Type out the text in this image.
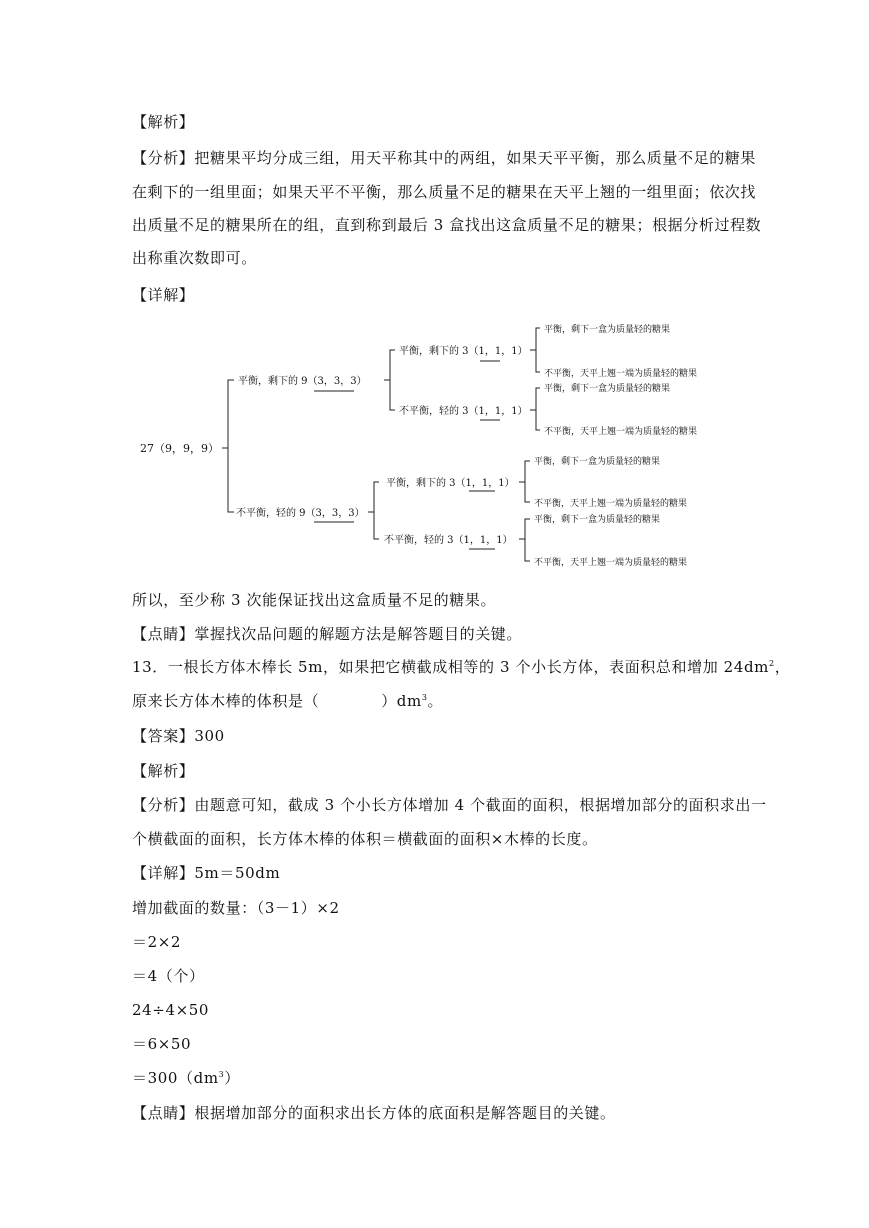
【解析】

【分析】把糖果平均分成三组，用天平称其中的两组，如果天平平衡，那么质量不足的糖果

在剩下的一组里面；如果天平不平衡，那么质量不足的糖果在天平上翘的一组里面；依次找

出质量不足的糖果所在的组，直到称到最后 3 盒找出这盒质量不足的糖果；根据分析过程数

出称重次数即可。

【详解】

27（9，9，9）
平衡，剩下的 9（3，3，3）
不平衡，轻的 9（3，3，3）
平衡，剩下的 3（1，1，1）
不平衡，轻的 3（1，1，1）
平衡，剩下的 3（1，1，1）
不平衡，轻的 3（1，1，1）
平衡，剩下一盒为质量轻的糖果
不平衡，天平上翘一端为质量轻的糖果
平衡，剩下一盒为质量轻的糖果
不平衡，天平上翘一端为质量轻的糖果
平衡，剩下一盒为质量轻的糖果
不平衡，天平上翘一端为质量轻的糖果
平衡，剩下一盒为质量轻的糖果
不平衡，天平上翘一端为质量轻的糖果

所以，至少称 3 次能保证找出这盒质量不足的糖果。

【点睛】掌握找次品问题的解题方法是解答题目的关键。

13．一根长方体木棒长 5m，如果把它横截成相等的 3 个小长方体，表面积总和增加 $24dm^2$，

原来长方体木棒的体积是（	）$dm^3$。

【答案】300

【解析】

【分析】由题意可知，截成 3 个小长方体增加 4 个截面的面积，根据增加部分的面积求出一

个横截面的面积，长方体木棒的体积＝横截面的面积×木棒的长度。

【详解】5m＝50dm

增加截面的数量：（3－1）×2

＝2×2

＝4（个）

24÷4×50

＝6×50

$=300(dm^3)$

【点睛】根据增加部分的面积求出长方体的底面积是解答题目的关键。
